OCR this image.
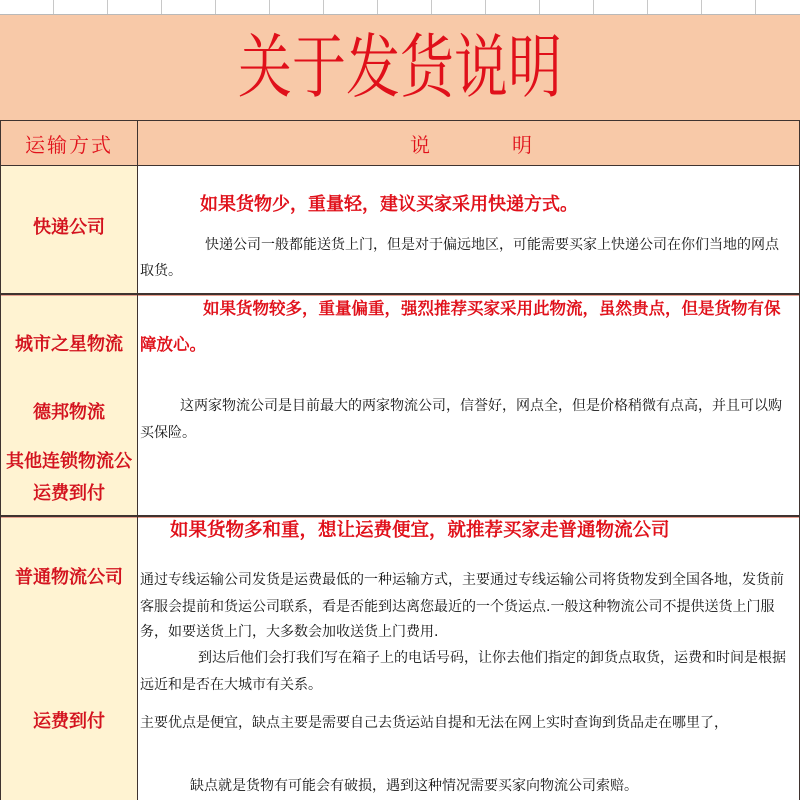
关于发货说明
运输方式	说　　明
快递公司
如果货物少，重量轻，建议买家采用快递方式。
快递公司一般都能送货上门，但是对于偏远地区，可能需要买家上快递公司在你们当地的网点
取货。
城市之星物流
德邦物流
其他连锁物流公
运费到付
如果货物较多，重量偏重，强烈推荐买家采用此物流，虽然贵点，但是货物有保
障放心。
这两家物流公司是目前最大的两家物流公司，信誉好，网点全，但是价格稍微有点高，并且可以购
买保险。
普通物流公司
运费到付
如果货物多和重，想让运费便宜，就推荐买家走普通物流公司
通过专线运输公司发货是运费最低的一种运输方式，主要通过专线运输公司将货物发到全国各地，发货前
客服会提前和货运公司联系，看是否能到达离您最近的一个货运点.一般这种物流公司不提供送货上门服
务，如要送货上门，大多数会加收送货上门费用.
到达后他们会打我们写在箱子上的电话号码，让你去他们指定的卸货点取货，运费和时间是根据
远近和是否在大城市有关系。
主要优点是便宜，缺点主要是需要自己去货运站自提和无法在网上实时查询到货品走在哪里了，
缺点就是货物有可能会有破损，遇到这种情况需要买家向物流公司索赔。
